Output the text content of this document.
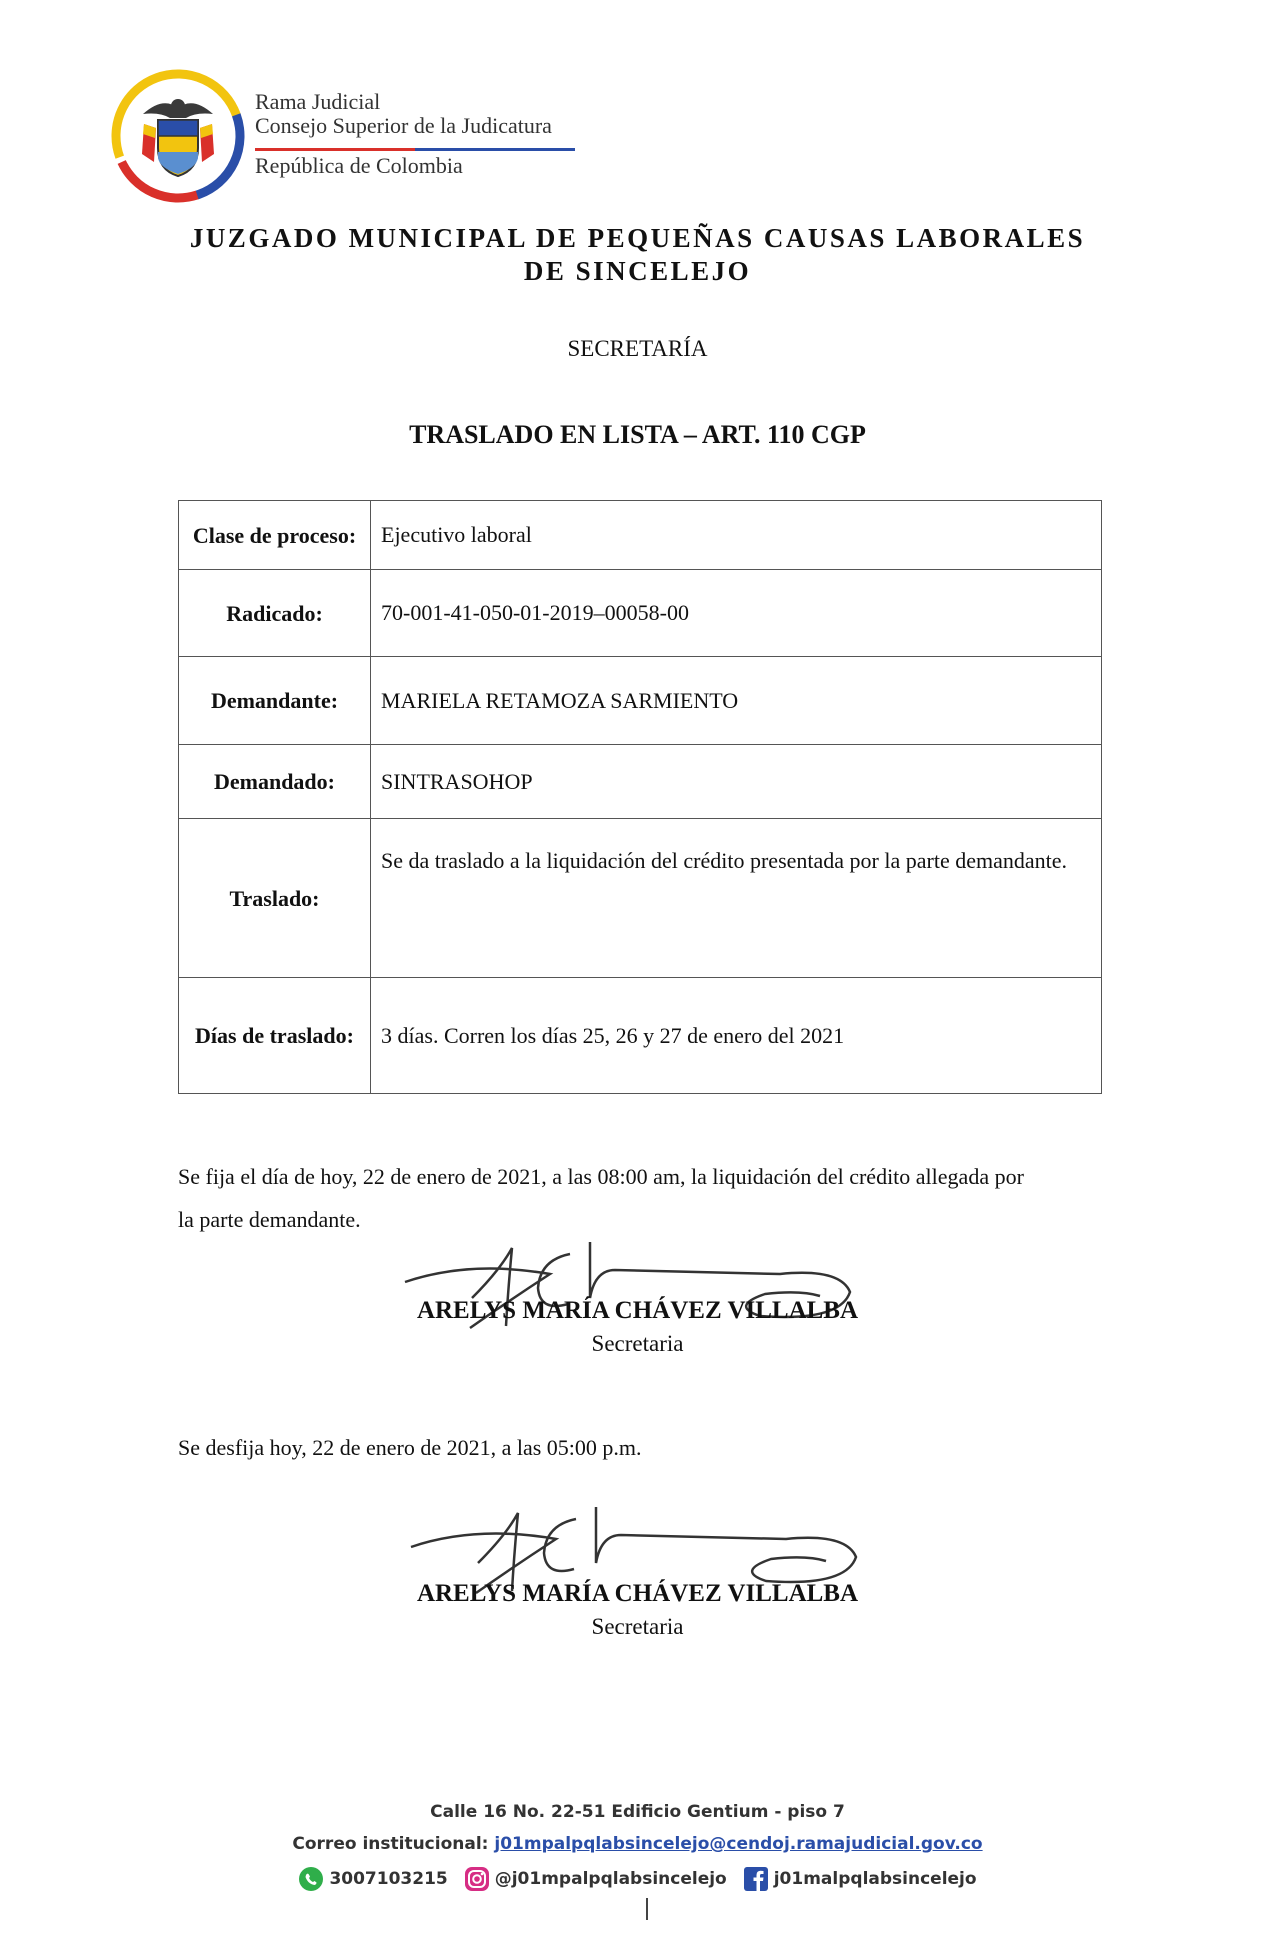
Rama Judicial
Consejo Superior de la Judicatura
República de Colombia
JUZGADO MUNICIPAL DE PEQUEÑAS CAUSAS LABORALES
DE SINCELEJO
SECRETARÍA
TRASLADO EN LISTA – ART. 110 CGP
Clase de proceso:	Ejecutivo laboral
Radicado:	70-001-41-050-01-2019–00058-00
Demandante:	MARIELA RETAMOZA SARMIENTO
Demandado:	SINTRASOHOP
Traslado:	Se da traslado a la liquidación del crédito presentada por la parte demandante.
Días de traslado:	3 días. Corren los días 25, 26 y 27 de enero del 2021
Se fija el día de hoy, 22 de enero de 2021, a las 08:00 am, la liquidación del crédito allegada por la parte demandante.
ARELYS MARÍA CHÁVEZ VILLALBA
Secretaria
Se desfija hoy, 22 de enero de 2021, a las 05:00 p.m.
ARELYS MARÍA CHÁVEZ VILLALBA
Secretaria
Calle 16 No. 22-51 Edificio Gentium - piso 7
Correo institucional: j01mpalpqlabsincelejo@cendoj.ramajudicial.gov.co
3007103215	@j01mpalpqlabsincelejo	j01malpqlabsincelejo
